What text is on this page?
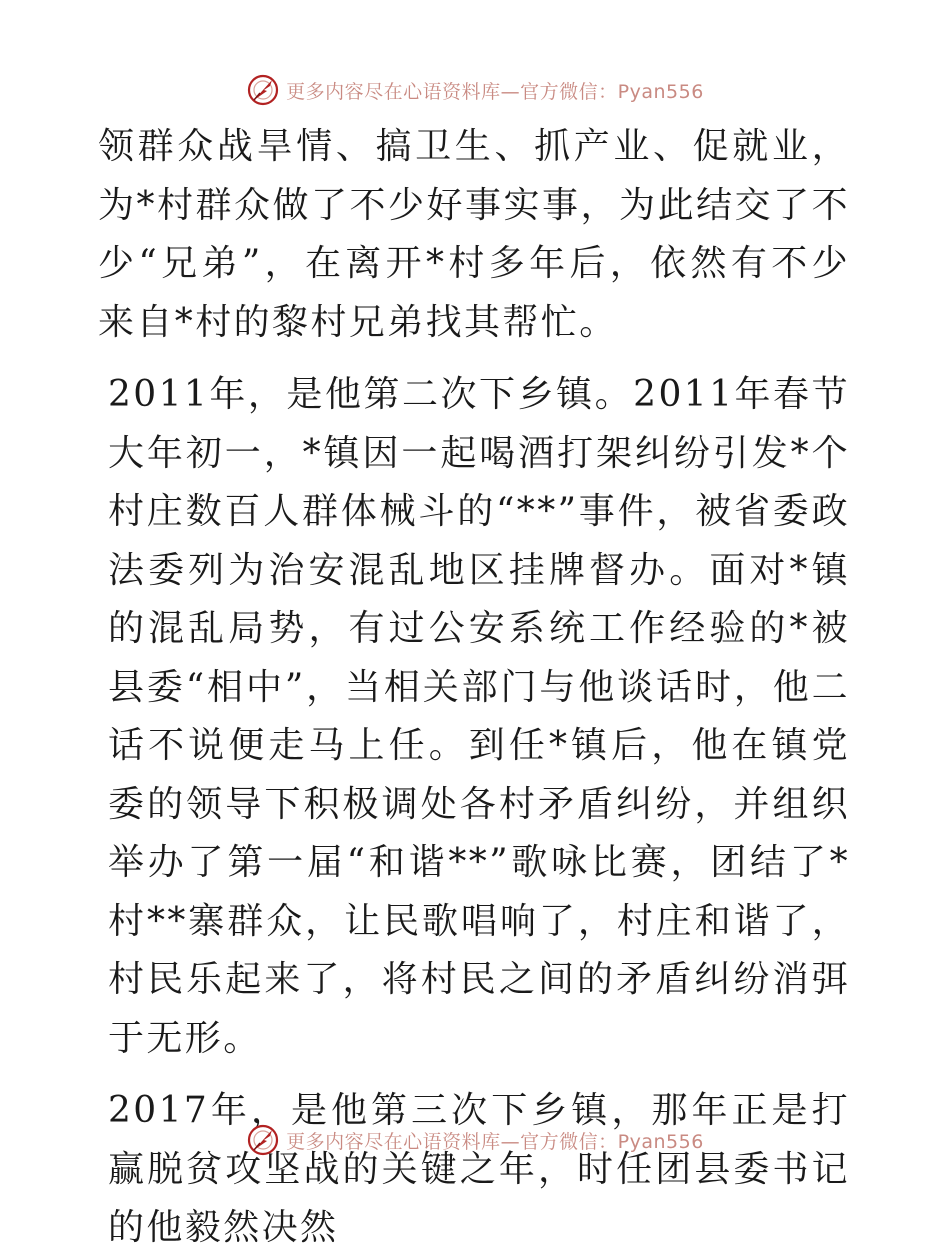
更多内容尽在心语资料库—官方微信：Pyan556

领群众战旱情、搞卫生、抓产业、促就业，为*村群众做了不少好事实事，为此结交了不少“兄弟”，在离开*村多年后，依然有不少来自*村的黎村兄弟找其帮忙。

2011年，是他第二次下乡镇。2011年春节大年初一，*镇因一起喝酒打架纠纷引发*个村庄数百人群体械斗的“**”事件，被省委政法委列为治安混乱地区挂牌督办。面对*镇的混乱局势，有过公安系统工作经验的*被县委“相中”，当相关部门与他谈话时，他二话不说便走马上任。到任*镇后，他在镇党委的领导下积极调处各村矛盾纠纷，并组织举办了第一届“和谐**”歌咏比赛，团结了*村**寨群众，让民歌唱响了，村庄和谐了，村民乐起来了，将村民之间的矛盾纠纷消弭于无形。

2017年，是他第三次下乡镇，那年正是打赢脱贫攻坚战的关键之年，时任团县委书记的他毅然决然

更多内容尽在心语资料库—官方微信：Pyan556
